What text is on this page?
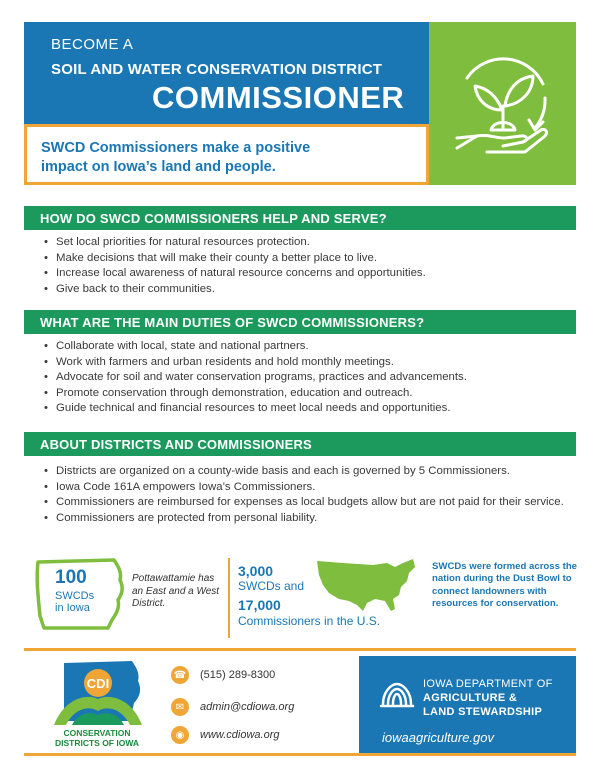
BECOME A
SOIL AND WATER CONSERVATION DISTRICT
COMMISSIONER
SWCD Commissioners make a positive
impact on Iowa’s land and people.
HOW DO SWCD COMMISSIONERS HELP AND SERVE?
• Set local priorities for natural resources protection.
• Make decisions that will make their county a better place to live.
• Increase local awareness of natural resource concerns and opportunities.
• Give back to their communities.
WHAT ARE THE MAIN DUTIES OF SWCD COMMISSIONERS?
• Collaborate with local, state and national partners.
• Work with farmers and urban residents and hold monthly meetings.
• Advocate for soil and water conservation programs, practices and advancements.
• Promote conservation through demonstration, education and outreach.
• Guide technical and financial resources to meet local needs and opportunities.
ABOUT DISTRICTS AND COMMISSIONERS
• Districts are organized on a county-wide basis and each is governed by 5 Commissioners.
• Iowa Code 161A empowers Iowa’s Commissioners.
• Commissioners are reimbursed for expenses as local budgets allow but are not paid for their service.
• Commissioners are protected from personal liability.
100
SWCDs
in Iowa
Pottawattamie has an East and a West District.
3,000
SWCDs and
17,000
Commissioners in the U.S.
SWCDs were formed across the nation during the Dust Bowl to connect landowners with resources for conservation.
CDI
CONSERVATION
DISTRICTS OF IOWA
☎ (515) 289-8300
✉	admin@cdiowa.org
◉	www.cdiowa.org
IOWA DEPARTMENT OF
AGRICULTURE &
LAND STEWARDSHIP
iowaagriculture.gov
